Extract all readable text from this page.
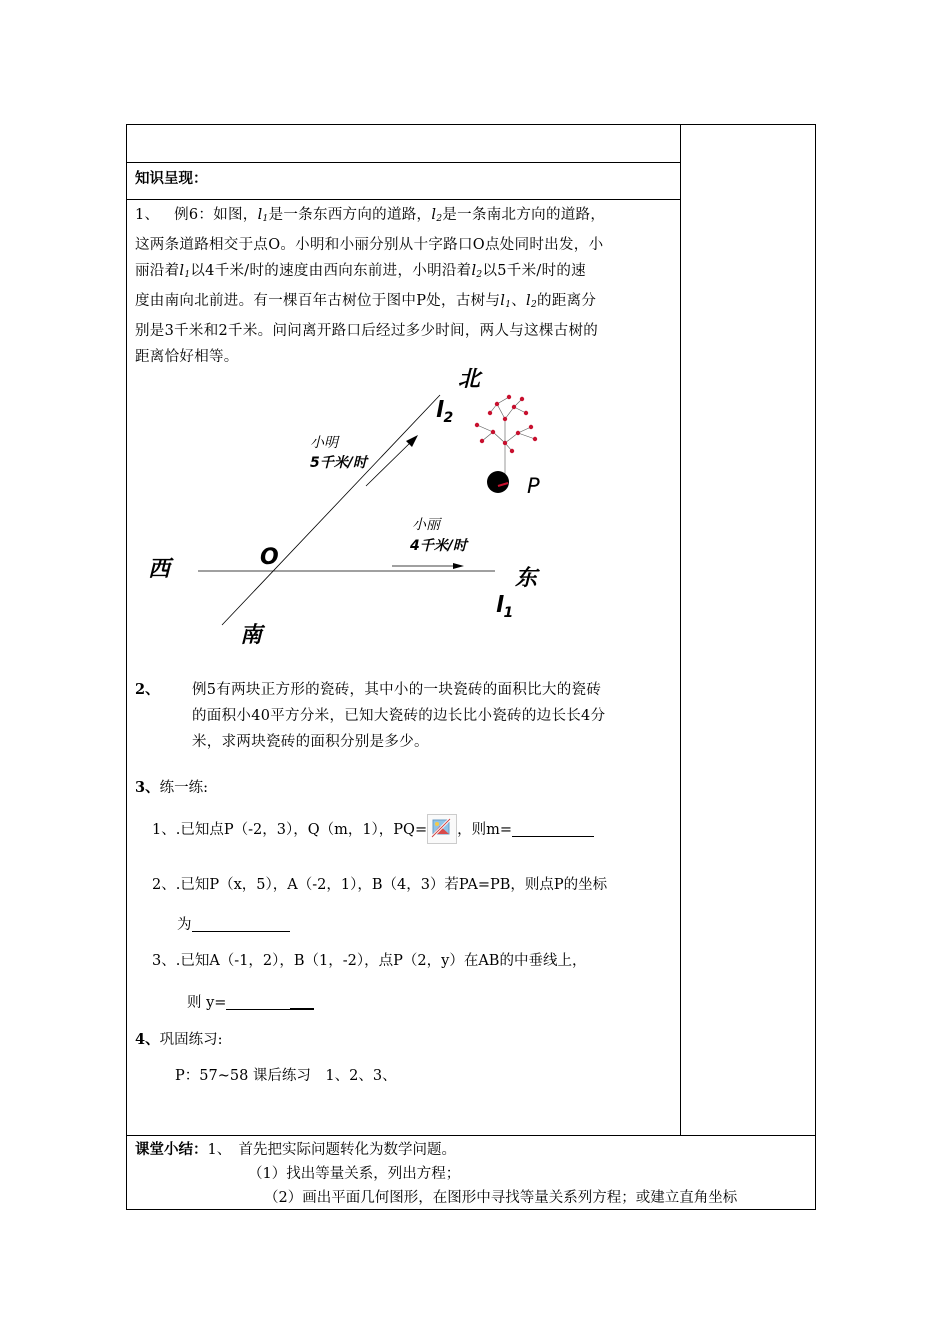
知识呈现：
1、 例6：如图，$l_1$是一条东西方向的道路，$l_2$是一条南北方向的道路，
这两条道路相交于点O。小明和小丽分别从十字路口O点处同时出发，小
丽沿着$l_1$以4千米/时的速度由西向东前进，小明沿着$l_2$以5千米/时的速
度由南向北前进。有一棵百年古树位于图中P处，古树与$l_1$、$l_2$的距离分
别是3千米和2千米。问问离开路口后经过多少时间，两人与这棵古树的
距离恰好相等。
北
$l_2$
小明
5千米/时
P
小丽
4千米/时
O
西	东
$l_1$
南
2、 例5有两块正方形的瓷砖，其中小的一块瓷砖的面积比大的瓷砖
的面积小40平方分米，已知大瓷砖的边长比小瓷砖的边长长4分
米，求两块瓷砖的面积分别是多少。
3、练一练:
1、.已知点P（-2，3），Q（m，1），PQ= ，则m=
2、.已知P（x，5），A（-2，1），B（4，3）若PA=PB，则点P的坐标
为
3、.已知A（-1，2），B（1，-2），点P（2，y）在AB的中垂线上，
则 y=
4、巩固练习:
P：57~58 课后练习　1、2、3、
课堂小结：1、　首先把实际问题转化为数学问题。
（1）找出等量关系，列出方程；
（2）画出平面几何图形，在图形中寻找等量关系列方程；或建立直角坐标
